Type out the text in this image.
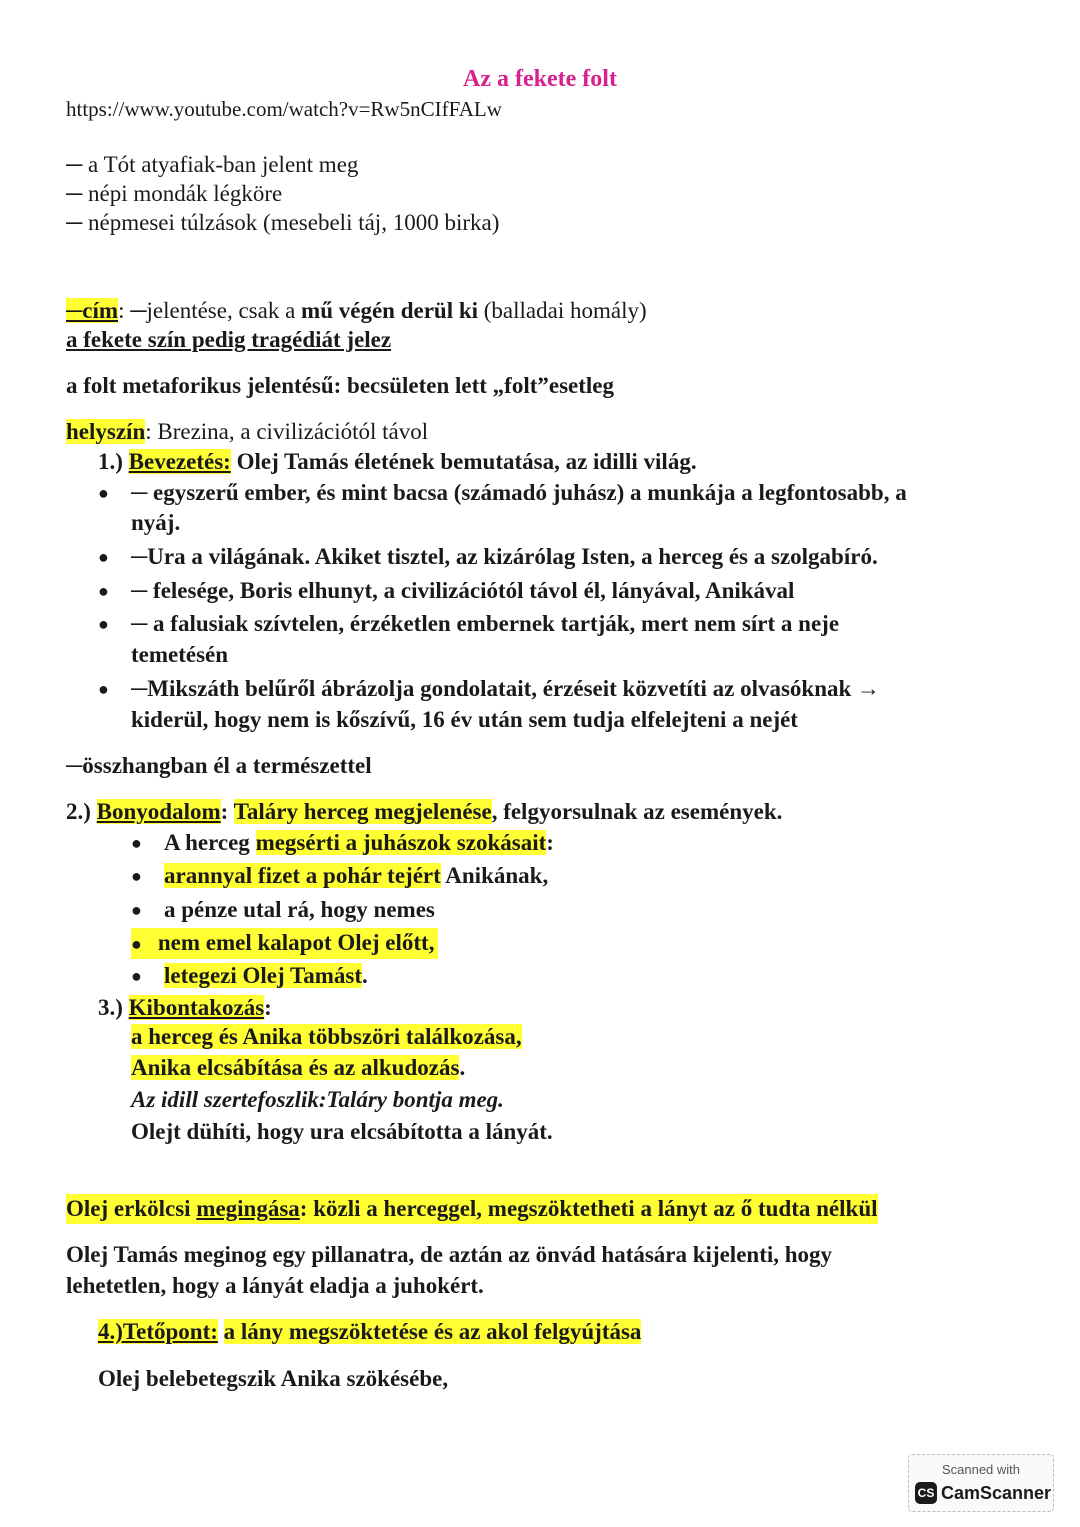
Az a fekete folt
https://www.youtube.com/watch?v=Rw5nCIfFALw
─ a Tót atyafiak-ban jelent meg
─ népi mondák légköre
─ népmesei túlzások (mesebeli táj, 1000 birka)
─cím: ─jelentése, csak a mű végén derül ki (balladai homály)
a fekete szín pedig tragédiát jelez
a folt metaforikus jelentésű: becsületen lett „folt”esetleg
helyszín: Brezina, a civilizációtól távol
1.) Bevezetés: Olej Tamás életének bemutatása, az idilli világ.
● ─ egyszerű ember, és mint bacsa (számadó juhász) a munkája a legfontosabb, a
nyáj.
● ─Ura a világának. Akiket tisztel, az kizárólag Isten, a herceg és a szolgabíró.
● ─ felesége, Boris elhunyt, a civilizációtól távol él, lányával, Anikával
● ─ a falusiak szívtelen, érzéketlen embernek tartják, mert nem sírt a neje
temetésén
● ─Mikszáth belűről ábrázolja gondolatait, érzéseit közvetíti az olvasóknak →
kiderül, hogy nem is kőszívű, 16 év után sem tudja elfelejteni a nejét
─összhangban él a természettel
2.) Bonyodalom: Taláry herceg megjelenése, felgyorsulnak az események.
● A herceg megsérti a juhászok szokásait:
● arannyal fizet a pohár tejért Anikának,
● a pénze utal rá, hogy nemes
● nem emel kalapot Olej előtt,
● letegezi Olej Tamást.
3.) Kibontakozás:
a herceg és Anika többszöri találkozása,
Anika elcsábítása és az alkudozás.
Az idill szertefoszlik:Taláry bontja meg.
Olejt dühíti, hogy ura elcsábította a lányát.
Olej erkölcsi megingása: közli a herceggel, megszöktetheti a lányt az ő tudta nélkül
Olej Tamás meginog egy pillanatra, de aztán az önvád hatására kijelenti, hogy
lehetetlen, hogy a lányát eladja a juhokért.
4.)Tetőpont: a lány megszöktetése és az akol felgyújtása
Olej belebetegszik Anika szökésébe,
Scanned with
CS CamScanner
